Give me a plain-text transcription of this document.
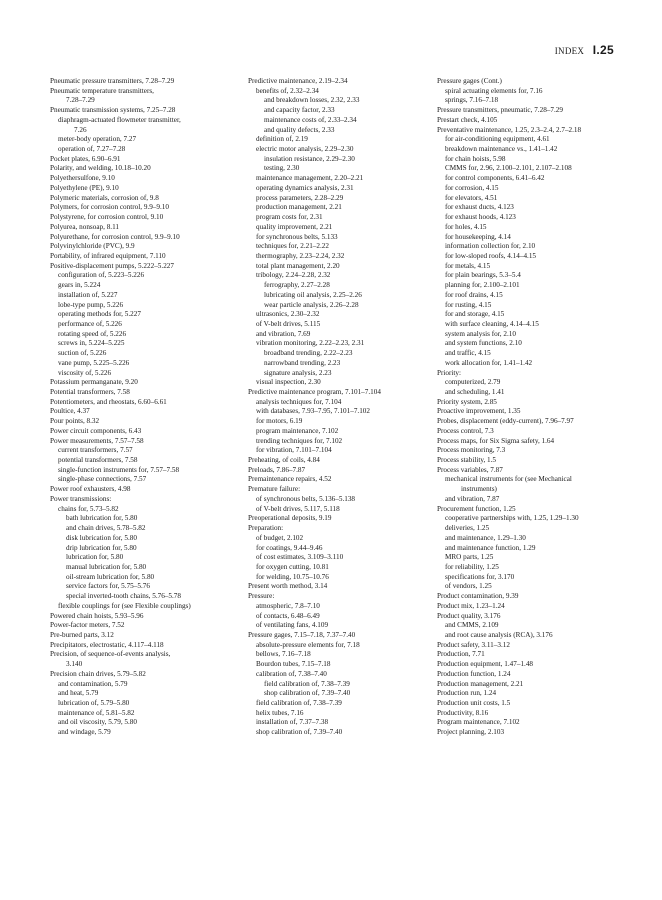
INDEX I.25
Pneumatic pressure transmitters, 7.28–7.29
Pneumatic temperature transmitters,
7.28–7.29
Pneumatic transmission systems, 7.25–7.28
diaphragm-actuated flowmeter transmitter,
7.26
meter-body operation, 7.27
operation of, 7.27–7.28
Pocket plates, 6.90–6.91
Polarity, and welding, 10.18–10.20
Polyethersulfone, 9.10
Polyethylene (PE), 9.10
Polymeric materials, corrosion of, 9.8
Polymers, for corrosion control, 9.9–9.10
Polystyrene, for corrosion control, 9.10
Polyurea, nonsoap, 8.11
Polyurethane, for corrosion control, 9.9–9.10
Polyvinylchloride (PVC), 9.9
Portability, of infrared equipment, 7.110
Positive-displacement pumps, 5.222–5.227
configuration of, 5.223–5.226
gears in, 5.224
installation of, 5.227
lobe-type pump, 5.226
operating methods for, 5.227
performance of, 5.226
rotating speed of, 5.226
screws in, 5.224–5.225
suction of, 5.226
vane pump, 5.225–5.226
viscosity of, 5.226
Potassium permanganate, 9.20
Potential transformers, 7.58
Potentiometers, and rheostats, 6.60–6.61
Poultice, 4.37
Pour points, 8.32
Power circuit components, 6.43
Power measurements, 7.57–7.58
current transformers, 7.57
potential transformers, 7.58
single-function instruments for, 7.57–7.58
single-phase connections, 7.57
Power roof exhausters, 4.98
Power transmissions:
chains for, 5.73–5.82
bath lubrication for, 5.80
and chain drives, 5.78–5.82
disk lubrication for, 5.80
drip lubrication for, 5.80
lubrication for, 5.80
manual lubrication for, 5.80
oil-stream lubrication for, 5.80
service factors for, 5.75–5.76
special inverted-tooth chains, 5.76–5.78
flexible couplings for (see Flexible couplings)
Powered chain hoists, 5.93–5.96
Power-factor meters, 7.52
Pre-burned parts, 3.12
Precipitators, electrostatic, 4.117–4.118
Precision, of sequence-of-events analysis,
3.140
Precision chain drives, 5.79–5.82
and contamination, 5.79
and heat, 5.79
lubrication of, 5.79–5.80
maintenance of, 5.81–5.82
and oil viscosity, 5.79, 5.80
and windage, 5.79
Predictive maintenance, 2.19–2.34
benefits of, 2.32–2.34
and breakdown losses, 2.32, 2.33
and capacity factor, 2.33
maintenance costs of, 2.33–2.34
and quality defects, 2.33
definition of, 2.19
electric motor analysis, 2.29–2.30
insulation resistance, 2.29–2.30
testing, 2.30
maintenance management, 2.20–2.21
operating dynamics analysis, 2.31
process parameters, 2.28–2.29
production management, 2.21
program costs for, 2.31
quality improvement, 2.21
for synchronous belts, 5.133
techniques for, 2.21–2.22
thermography, 2.23–2.24, 2.32
total plant management, 2.20
tribology, 2.24–2.28, 2.32
ferrography, 2.27–2.28
lubricating oil analysis, 2.25–2.26
wear particle analysis, 2.26–2.28
ultrasonics, 2.30–2.32
of V-belt drives, 5.115
and vibration, 7.69
vibration monitoring, 2.22–2.23, 2.31
broadband trending, 2.22–2.23
narrowband trending, 2.23
signature analysis, 2.23
visual inspection, 2.30
Predictive maintenance program, 7.101–7.104
analysis techniques for, 7.104
with databases, 7.93–7.95, 7.101–7.102
for motors, 6.19
program maintenance, 7.102
trending techniques for, 7.102
for vibration, 7.101–7.104
Preheating, of coils, 4.84
Preloads, 7.86–7.87
Premaintenance repairs, 4.52
Premature failure:
of synchronous belts, 5.136–5.138
of V-belt drives, 5.117, 5.118
Preoperational deposits, 9.19
Preparation:
of budget, 2.102
for coatings, 9.44–9.46
of cost estimates, 3.109–3.110
for oxygen cutting, 10.81
for welding, 10.75–10.76
Present worth method, 3.14
Pressure:
atmospheric, 7.8–7.10
of contacts, 6.48–6.49
of ventilating fans, 4.109
Pressure gages, 7.15–7.18, 7.37–7.40
absolute-pressure elements for, 7.18
bellows, 7.16–7.18
Bourdon tubes, 7.15–7.18
calibration of, 7.38–7.40
field calibration of, 7.38–7.39
shop calibration of, 7.39–7.40
field calibration of, 7.38–7.39
helix tubes, 7.16
installation of, 7.37–7.38
shop calibration of, 7.39–7.40
Pressure gages (Cont.)
spiral actuating elements for, 7.16
springs, 7.16–7.18
Pressure transmitters, pneumatic, 7.28–7.29
Prestart check, 4.105
Preventative maintenance, 1.25, 2.3–2.4, 2.7–2.18
for air-conditioning equipment, 4.61
breakdown maintenance vs., 1.41–1.42
for chain hoists, 5.98
CMMS for, 2.96, 2.100–2.101, 2.107–2.108
for control components, 6.41–6.42
for corrosion, 4.15
for elevators, 4.51
for exhaust ducts, 4.123
for exhaust hoods, 4.123
for holes, 4.15
for housekeeping, 4.14
information collection for, 2.10
for low-sloped roofs, 4.14–4.15
for metals, 4.15
for plain bearings, 5.3–5.4
planning for, 2.100–2.101
for roof drains, 4.15
for rusting, 4.15
for and storage, 4.15
with surface cleaning, 4.14–4.15
system analysis for, 2.10
and system functions, 2.10
and traffic, 4.15
work allocation for, 1.41–1.42
Priority:
computerized, 2.79
and scheduling, 1.41
Priority system, 2.85
Proactive improvement, 1.35
Probes, displacement (eddy-current), 7.96–7.97
Process control, 7.3
Process maps, for Six Sigma safety, 1.64
Process monitoring, 7.3
Process stability, 1.5
Process variables, 7.87
mechanical instruments for (see Mechanical
instruments)
and vibration, 7.87
Procurement function, 1.25
cooperative partnerships with, 1.25, 1.29–1.30
deliveries, 1.25
and maintenance, 1.29–1.30
and maintenance function, 1.29
MRO parts, 1.25
for reliability, 1.25
specifications for, 3.170
of vendors, 1.25
Product contamination, 9.39
Product mix, 1.23–1.24
Product quality, 3.176
and CMMS, 2.109
and root cause analysis (RCA), 3.176
Product safety, 3.11–3.12
Production, 7.71
Production equipment, 1.47–1.48
Production function, 1.24
Production management, 2.21
Production run, 1.24
Production unit costs, 1.5
Productivity, 8.16
Program maintenance, 7.102
Project planning, 2.103
